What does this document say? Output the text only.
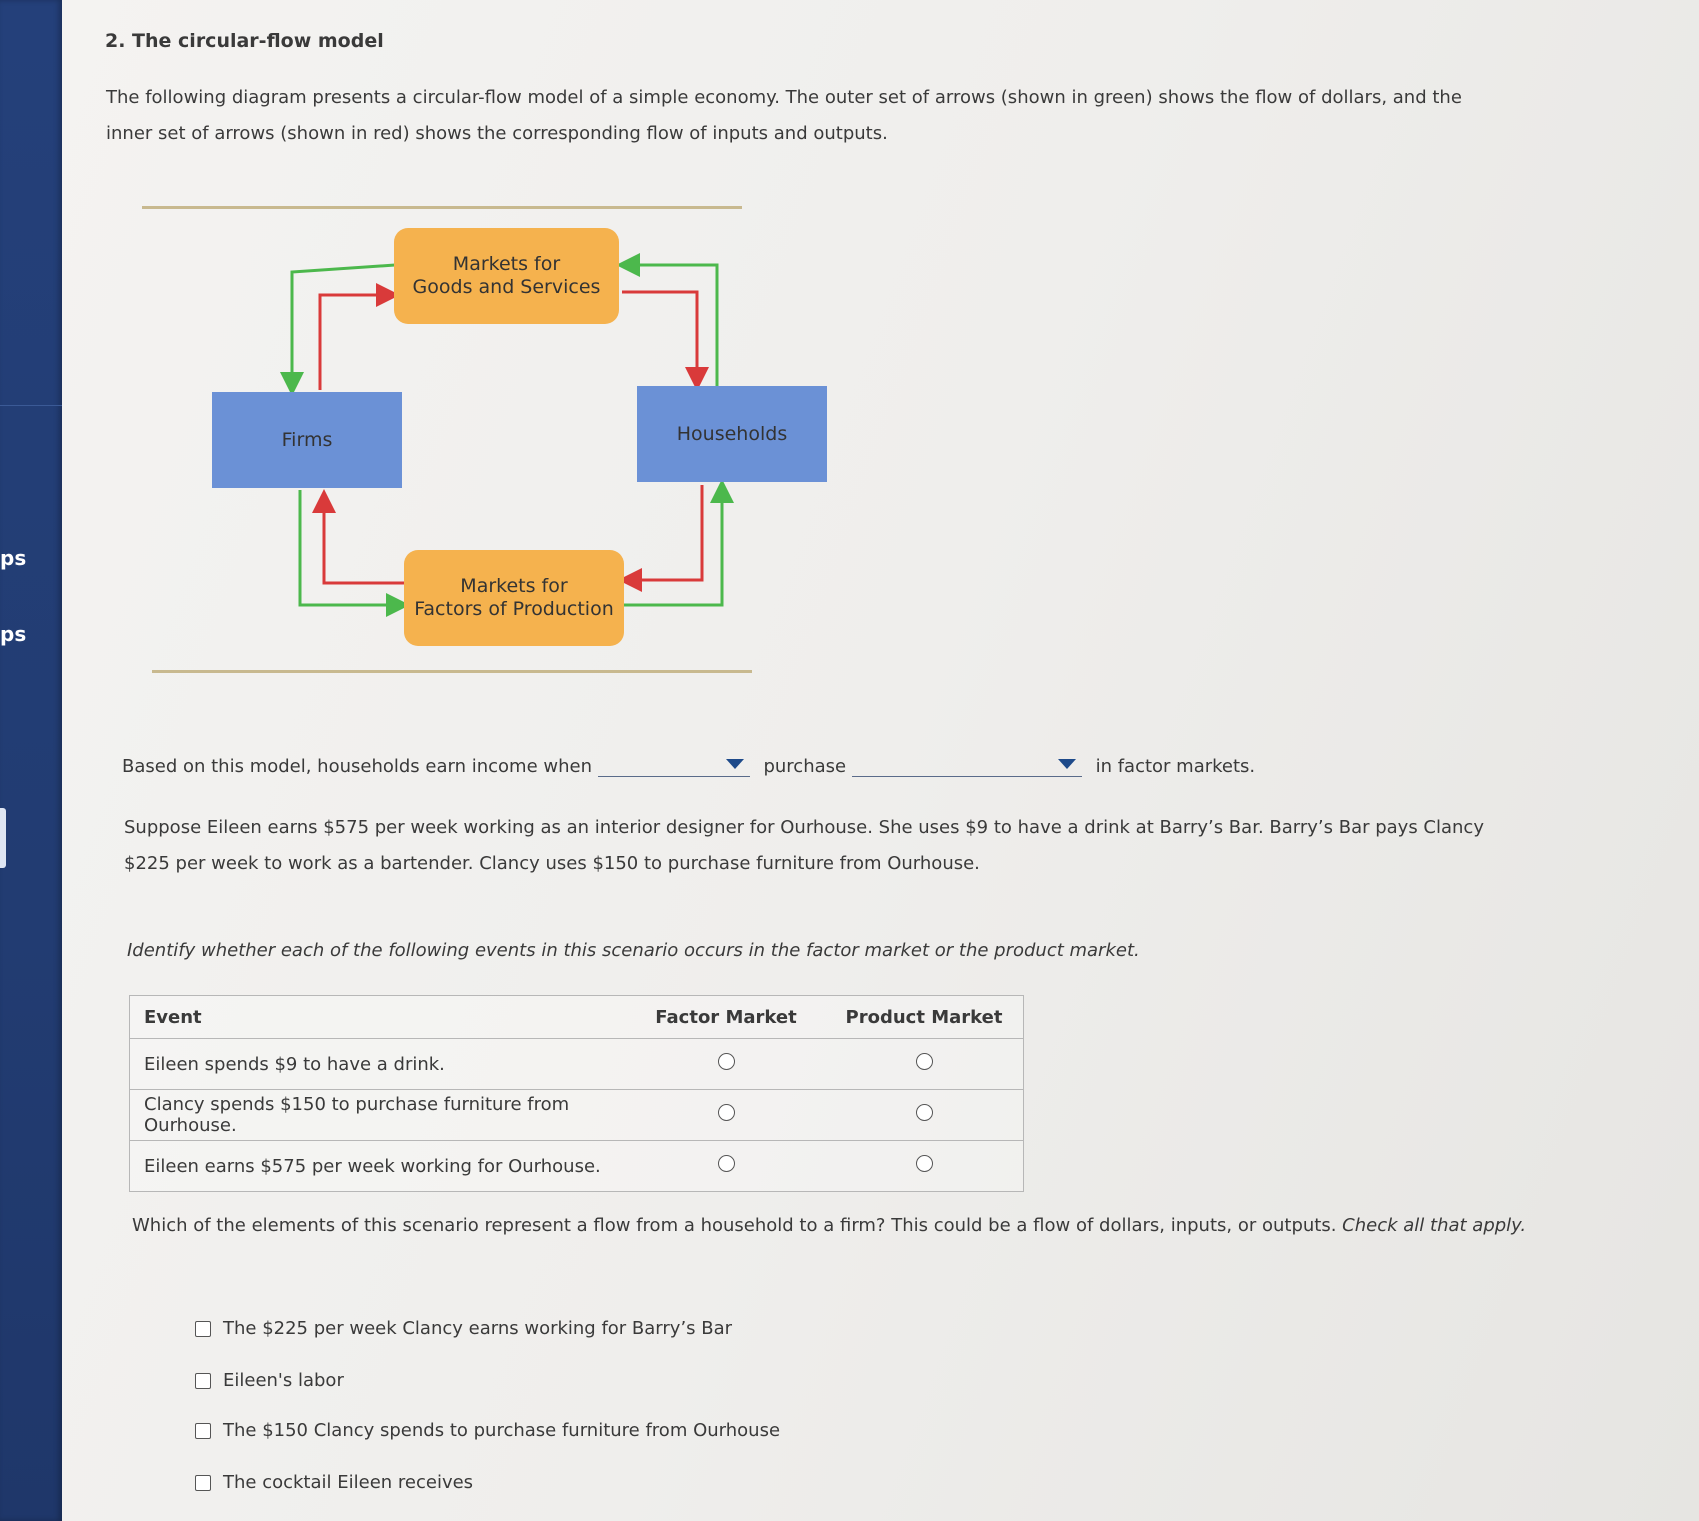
ps
ps
2. The circular-flow model
The following diagram presents a circular-flow model of a simple economy. The outer set of arrows (shown in green) shows the flow of dollars, and the inner set of arrows (shown in red) shows the corresponding flow of inputs and outputs.
Markets for
Goods and Services
Markets for
Factors of Production
Firms	Households
Based on this model, households earn income when	purchase	in factor markets.
Suppose Eileen earns $575 per week working as an interior designer for Ourhouse. She uses $9 to have a drink at Barry’s Bar. Barry’s Bar pays Clancy $225 per week to work as a bartender. Clancy uses $150 to purchase furniture from Ourhouse.
Identify whether each of the following events in this scenario occurs in the factor market or the product market.
Event	Factor Market	Product Market
Eileen spends $9 to have a drink.		
Clancy spends $150 to purchase furniture from Ourhouse.		
Eileen earns $575 per week working for Ourhouse.		
Which of the elements of this scenario represent a flow from a household to a firm? This could be a flow of dollars, inputs, or outputs. Check all that apply.
The $225 per week Clancy earns working for Barry’s Bar
Eileen's labor
The $150 Clancy spends to purchase furniture from Ourhouse
The cocktail Eileen receives
